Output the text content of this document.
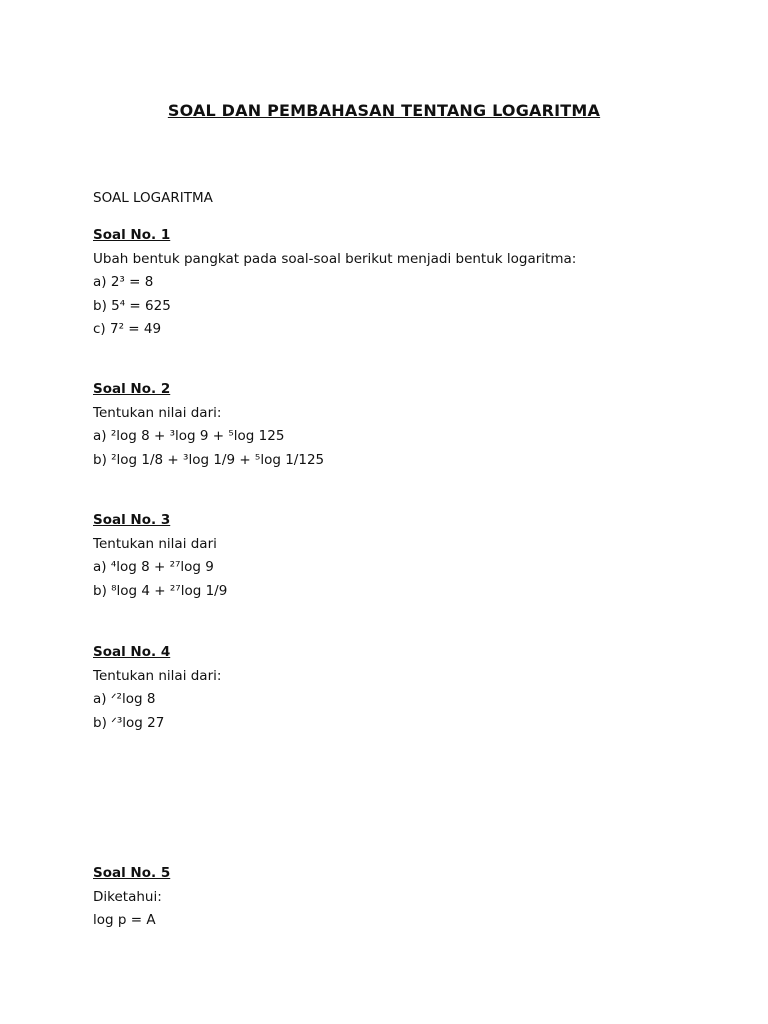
SOAL DAN PEMBAHASAN TENTANG LOGARITMA
SOAL LOGARITMA
Soal No. 1
Ubah bentuk pangkat pada soal-soal berikut menjadi bentuk logaritma:
a) 2³ = 8
b) 5⁴ = 625
c) 7² = 49
Soal No. 2
Tentukan nilai dari:
a) ²log 8 + ³log 9 + ⁵log 125
b) ²log 1/8 + ³log 1/9 + ⁵log 1/125
Soal No. 3
Tentukan nilai dari
a) ⁴log 8 + ²⁷log 9
b) ⁸log 4 + ²⁷log 1/9
Soal No. 4
Tentukan nilai dari:
a) ᐟ²log 8
b) ᐟ³log 27
Soal No. 5
Diketahui:
log p = A
